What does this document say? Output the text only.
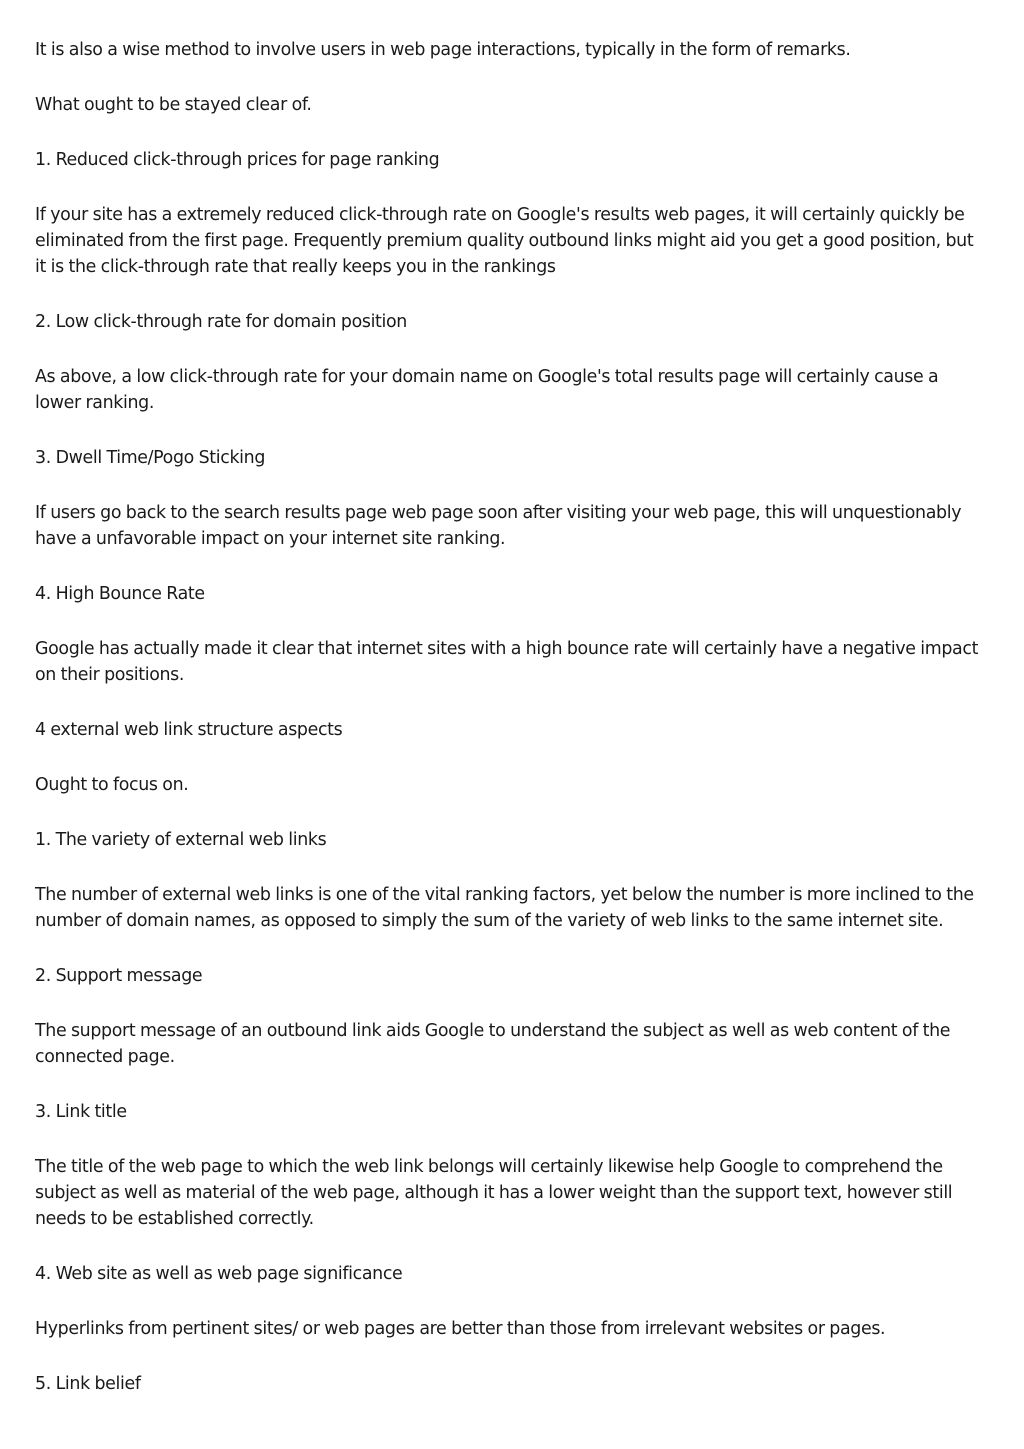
It is also a wise method to involve users in web page interactions, typically in the form of remarks.

What ought to be stayed clear of.

1. Reduced click-through prices for page ranking

If your site has a extremely reduced click-through rate on Google's results web pages, it will certainly quickly be eliminated from the first page. Frequently premium quality outbound links might aid you get a good position, but it is the click-through rate that really keeps you in the rankings

2. Low click-through rate for domain position

As above, a low click-through rate for your domain name on Google's total results page will certainly cause a lower ranking.

3. Dwell Time/Pogo Sticking

If users go back to the search results page web page soon after visiting your web page, this will unquestionably have a unfavorable impact on your internet site ranking.

4. High Bounce Rate

Google has actually made it clear that internet sites with a high bounce rate will certainly have a negative impact on their positions.

4 external web link structure aspects

Ought to focus on.

1. The variety of external web links

The number of external web links is one of the vital ranking factors, yet below the number is more inclined to the number of domain names, as opposed to simply the sum of the variety of web links to the same internet site.

2. Support message

The support message of an outbound link aids Google to understand the subject as well as web content of the connected page.

3. Link title

The title of the web page to which the web link belongs will certainly likewise help Google to comprehend the subject as well as material of the web page, although it has a lower weight than the support text, however still needs to be established correctly.

4. Web site as well as web page significance

Hyperlinks from pertinent sites/ or web pages are better than those from irrelevant websites or pages.

5. Link belief
